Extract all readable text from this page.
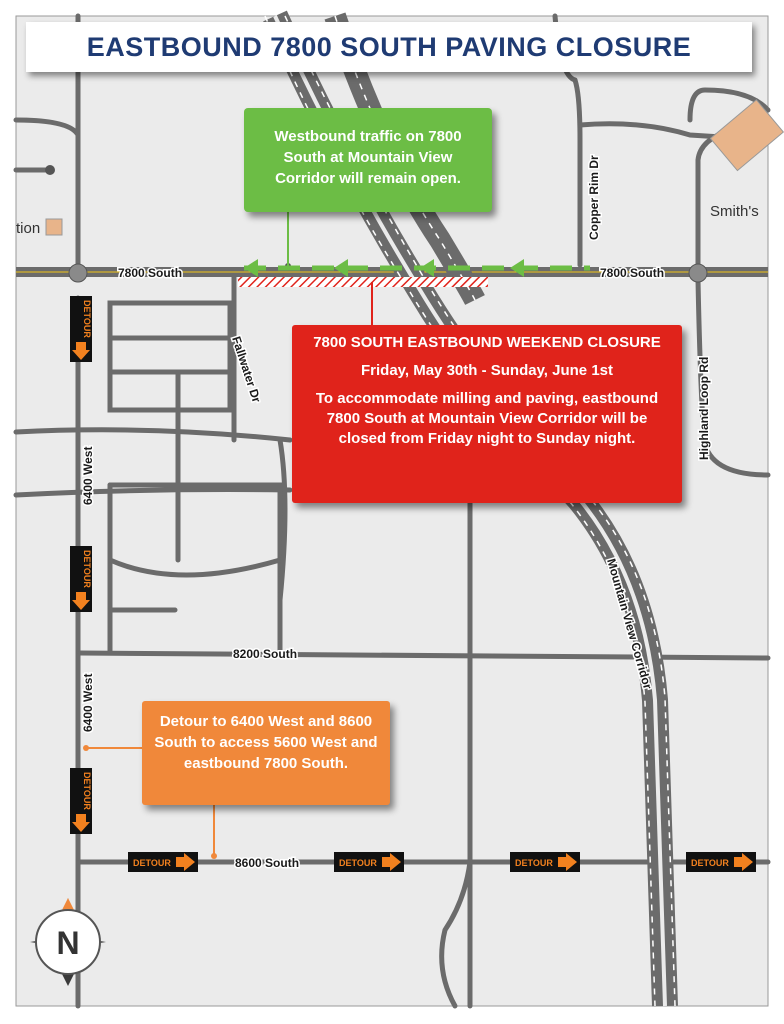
7800 South	7800 South
8200 South
8600 South
6400 West
6400 West
Fallwater Dr
Copper Rim Dr
Highland Loop Rd
Mountain View Corridor
Smith's
tion
DETOUR
DETOUR
DETOUR
DETOUR	DETOUR	DETOUR	DETOUR
N
EASTBOUND 7800 SOUTH PAVING CLOSURE
Westbound traffic on 7800 South at Mountain View Corridor will remain open.

7800 SOUTH EASTBOUND WEEKEND CLOSURE

Friday, May 30th - Sunday, June 1st

To accommodate milling and paving, eastbound 7800 South at Mountain View Corridor will be closed from Friday night to Sunday night.

Detour to 6400 West and 8600 South to access 5600 West and eastbound 7800 South.
